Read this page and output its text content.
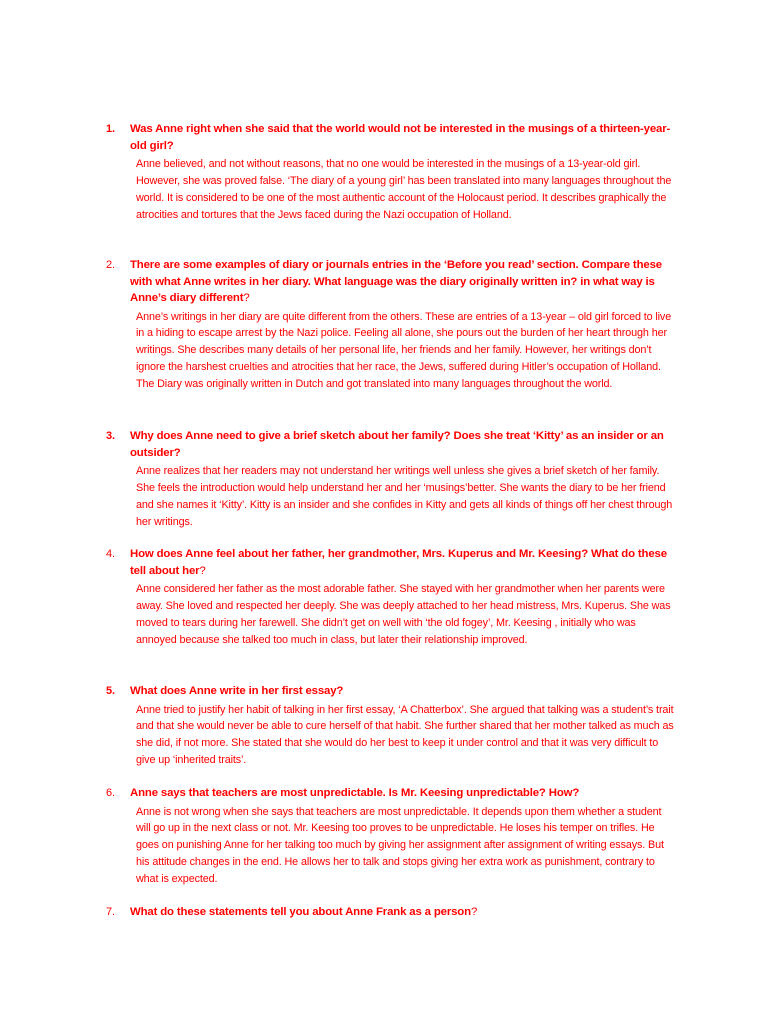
1. Was Anne right when she said that the world would not be interested in the musings of a thirteen-year-old girl?
Anne believed, and not without reasons, that no one would be interested in the musings of a 13-year-old girl. However, she was proved false. ‘The diary of a young girl’ has been translated into many languages throughout the world. It is considered to be one of the most authentic account of the Holocaust period. It describes graphically the atrocities and tortures that the Jews faced during the Nazi occupation of Holland.
2. There are some examples of diary or journals entries in the ‘Before you read’ section. Compare these with what Anne writes in her diary. What language was the diary originally written in? in what way is Anne’s diary different?
Anne’s writings in her diary are quite different from the others. These are entries of a 13-year – old girl forced to live in a hiding to escape arrest by the Nazi police. Feeling all alone, she pours out the burden of her heart through her writings. She describes many details of her personal life, her friends and her family. However, her writings don’t ignore the harshest cruelties and atrocities that her race, the Jews, suffered during Hitler’s occupation of Holland. The Diary was originally written in Dutch and got translated into many languages throughout the world.
3. Why does Anne need to give a brief sketch about her family? Does she treat ‘Kitty’ as an insider or an outsider?
Anne realizes that her readers may not understand her writings well unless she gives a brief sketch of her family. She feels the introduction would help understand her and her ‘musings’better. She wants the diary to be her friend and she names it ‘Kitty’. Kitty is an insider and she confides in Kitty and gets all kinds of things off her chest through her writings.
4. How does Anne feel about her father, her grandmother, Mrs. Kuperus and Mr. Keesing? What do these tell about her?
Anne considered her father as the most adorable father. She stayed with her grandmother when her parents were away. She loved and respected her deeply. She was deeply attached to her head mistress, Mrs. Kuperus. She was moved to tears during her farewell. She didn’t get on well with ‘the old fogey’, Mr. Keesing , initially who was annoyed because she talked too much in class, but later their relationship improved.
5. What does Anne write in her first essay?
Anne tried to justify her habit of talking in her first essay, ‘A Chatterbox’. She argued that talking was a student’s trait and that she would never be able to cure herself of that habit. She further shared that her mother talked as much as she did, if not more. She stated that she would do her best to keep it under control and that it was very difficult to give up ‘inherited traits’.
6. Anne says that teachers are most unpredictable. Is Mr. Keesing unpredictable? How?
Anne is not wrong when she says that teachers are most unpredictable. It depends upon them whether a student will go up in the next class or not. Mr. Keesing too proves to be unpredictable. He loses his temper on trifles. He goes on punishing Anne for her talking too much by giving her assignment after assignment of writing essays. But his attitude changes in the end. He allows her to talk and stops giving her extra work as punishment, contrary to what is expected.
7. What do these statements tell you about Anne Frank as a person?
